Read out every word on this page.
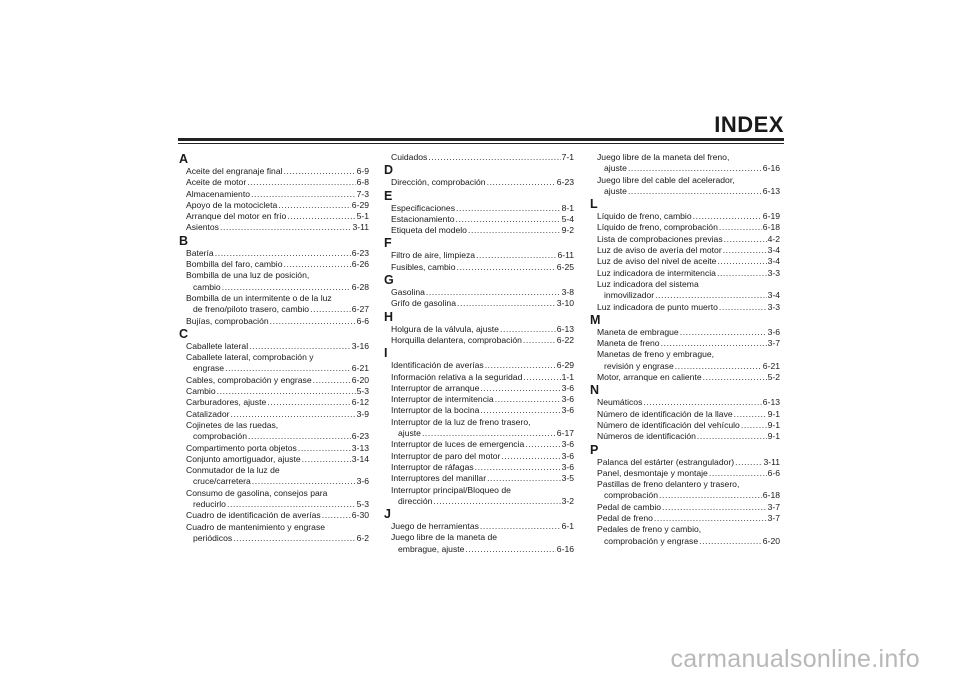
INDEX
A
Aceite del engranaje final .....	6-9
Aceite de motor .....	6-8
Almacenamiento .....	7-3
Apoyo de la motocicleta .....	6-29
Arranque del motor en frío .....	5-1
Asientos .....	3-11
B
Batería .....	6-23
Bombilla del faro, cambio .....	6-26
Bombilla de una luz de posición,
cambio .....	6-28
Bombilla de un intermitente o de la luz
de freno/piloto trasero, cambio .....	6-27
Bujías, comprobación .....	6-6
C
Caballete lateral .....	3-16
Caballete lateral, comprobación y
engrase .....	6-21
Cables, comprobación y engrase .....	6-20
Cambio .....	5-3
Carburadores, ajuste .....	6-12
Catalizador .....	3-9
Cojinetes de las ruedas,
comprobación .....	6-23
Compartimento porta objetos .....	3-13
Conjunto amortiguador, ajuste .....	3-14
Conmutador de la luz de
cruce/carretera .....	3-6
Consumo de gasolina, consejos para
reducirlo .....	5-3
Cuadro de identificación de averías .....	6-30
Cuadro de mantenimiento y engrase
periódicos .....	6-2
Cuidados .....	7-1
D
Dirección, comprobación .....	6-23
E
Especificaciones .....	8-1
Estacionamiento .....	5-4
Etiqueta del modelo .....	9-2
F
Filtro de aire, limpieza .....	6-11
Fusibles, cambio .....	6-25
G
Gasolina .....	3-8
Grifo de gasolina .....	3-10
H
Holgura de la válvula, ajuste .....	6-13
Horquilla delantera, comprobación .....	6-22
I
Identificación de averías .....	6-29
Información relativa a la seguridad .....	1-1
Interruptor de arranque .....	3-6
Interruptor de intermitencia .....	3-6
Interruptor de la bocina .....	3-6
Interruptor de la luz de freno trasero,
ajuste .....	6-17
Interruptor de luces de emergencia .....	3-6
Interruptor de paro del motor .....	3-6
Interruptor de ráfagas .....	3-6
Interruptores del manillar .....	3-5
Interruptor principal/Bloqueo de
dirección .....	3-2
J
Juego de herramientas .....	6-1
Juego libre de la maneta de
embrague, ajuste .....	6-16
Juego libre de la maneta del freno,
ajuste .....	6-16
Juego libre del cable del acelerador,
ajuste .....	6-13
L
Líquido de freno, cambio .....	6-19
Líquido de freno, comprobación .....	6-18
Lista de comprobaciones previas .....	4-2
Luz de aviso de avería del motor .....	3-4
Luz de aviso del nivel de aceite .....	3-4
Luz indicadora de intermitencia .....	3-3
Luz indicadora del sistema
inmovilizador .....	3-4
Luz indicadora de punto muerto .....	3-3
M
Maneta de embrague .....	3-6
Maneta de freno .....	3-7
Manetas de freno y embrague,
revisión y engrase .....	6-21
Motor, arranque en caliente .....	5-2
N
Neumáticos .....	6-13
Número de identificación de la llave .....	9-1
Número de identificación del vehículo .....	9-1
Números de identificación .....	9-1
P
Palanca del estárter (estrangulador) .....	3-11
Panel, desmontaje y montaje .....	6-6
Pastillas de freno delantero y trasero,
comprobación .....	6-18
Pedal de cambio .....	3-7
Pedal de freno .....	3-7
Pedales de freno y cambio,
comprobación y engrase .....	6-20
carmanualsonline.info
